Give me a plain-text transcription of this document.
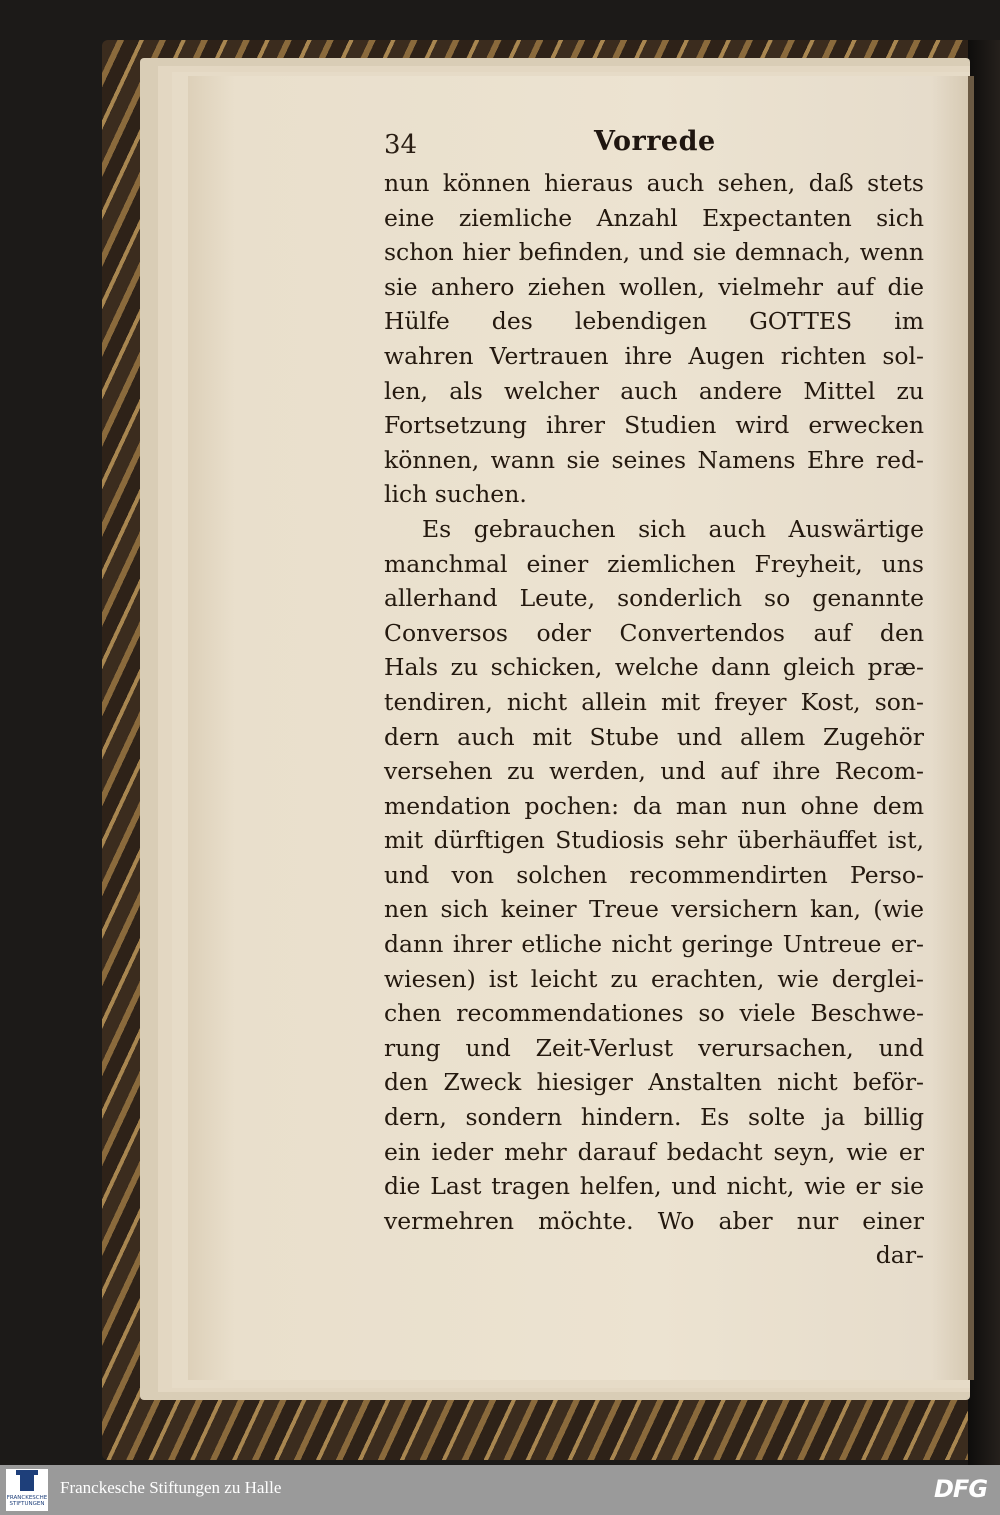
34	Vorrede
nun können hieraus auch sehen, daß stets
eine ziemliche Anzahl Expectanten sich
schon hier befinden, und sie demnach, wenn
sie anhero ziehen wollen, vielmehr auf die
Hülfe des lebendigen GOTTES im
wahren Vertrauen ihre Augen richten sol-
len, als welcher auch andere Mittel zu
Fortsetzung ihrer Studien wird erwecken
können, wann sie seines Namens Ehre red-
lich suchen.
Es gebrauchen sich auch Auswärtige
manchmal einer ziemlichen Freyheit, uns
allerhand Leute, sonderlich so genannte
Conversos oder Convertendos auf den
Hals zu schicken, welche dann gleich præ-
tendiren, nicht allein mit freyer Kost, son-
dern auch mit Stube und allem Zugehör
versehen zu werden, und auf ihre Recom-
mendation pochen: da man nun ohne dem
mit dürftigen Studiosis sehr überhäuffet ist,
und von solchen recommendirten Perso-
nen sich keiner Treue versichern kan, (wie
dann ihrer etliche nicht geringe Untreue er-
wiesen) ist leicht zu erachten, wie derglei-
chen recommendationes so viele Beschwe-
rung und Zeit-Verlust verursachen, und
den Zweck hiesiger Anstalten nicht beför-
dern, sondern hindern. Es solte ja billig
ein ieder mehr darauf bedacht seyn, wie er
die Last tragen helfen, und nicht, wie er sie
vermehren möchte. Wo aber nur einer
dar-
FRANCKESCHE STIFTUNGEN
Franckesche Stiftungen zu Halle	DFG
